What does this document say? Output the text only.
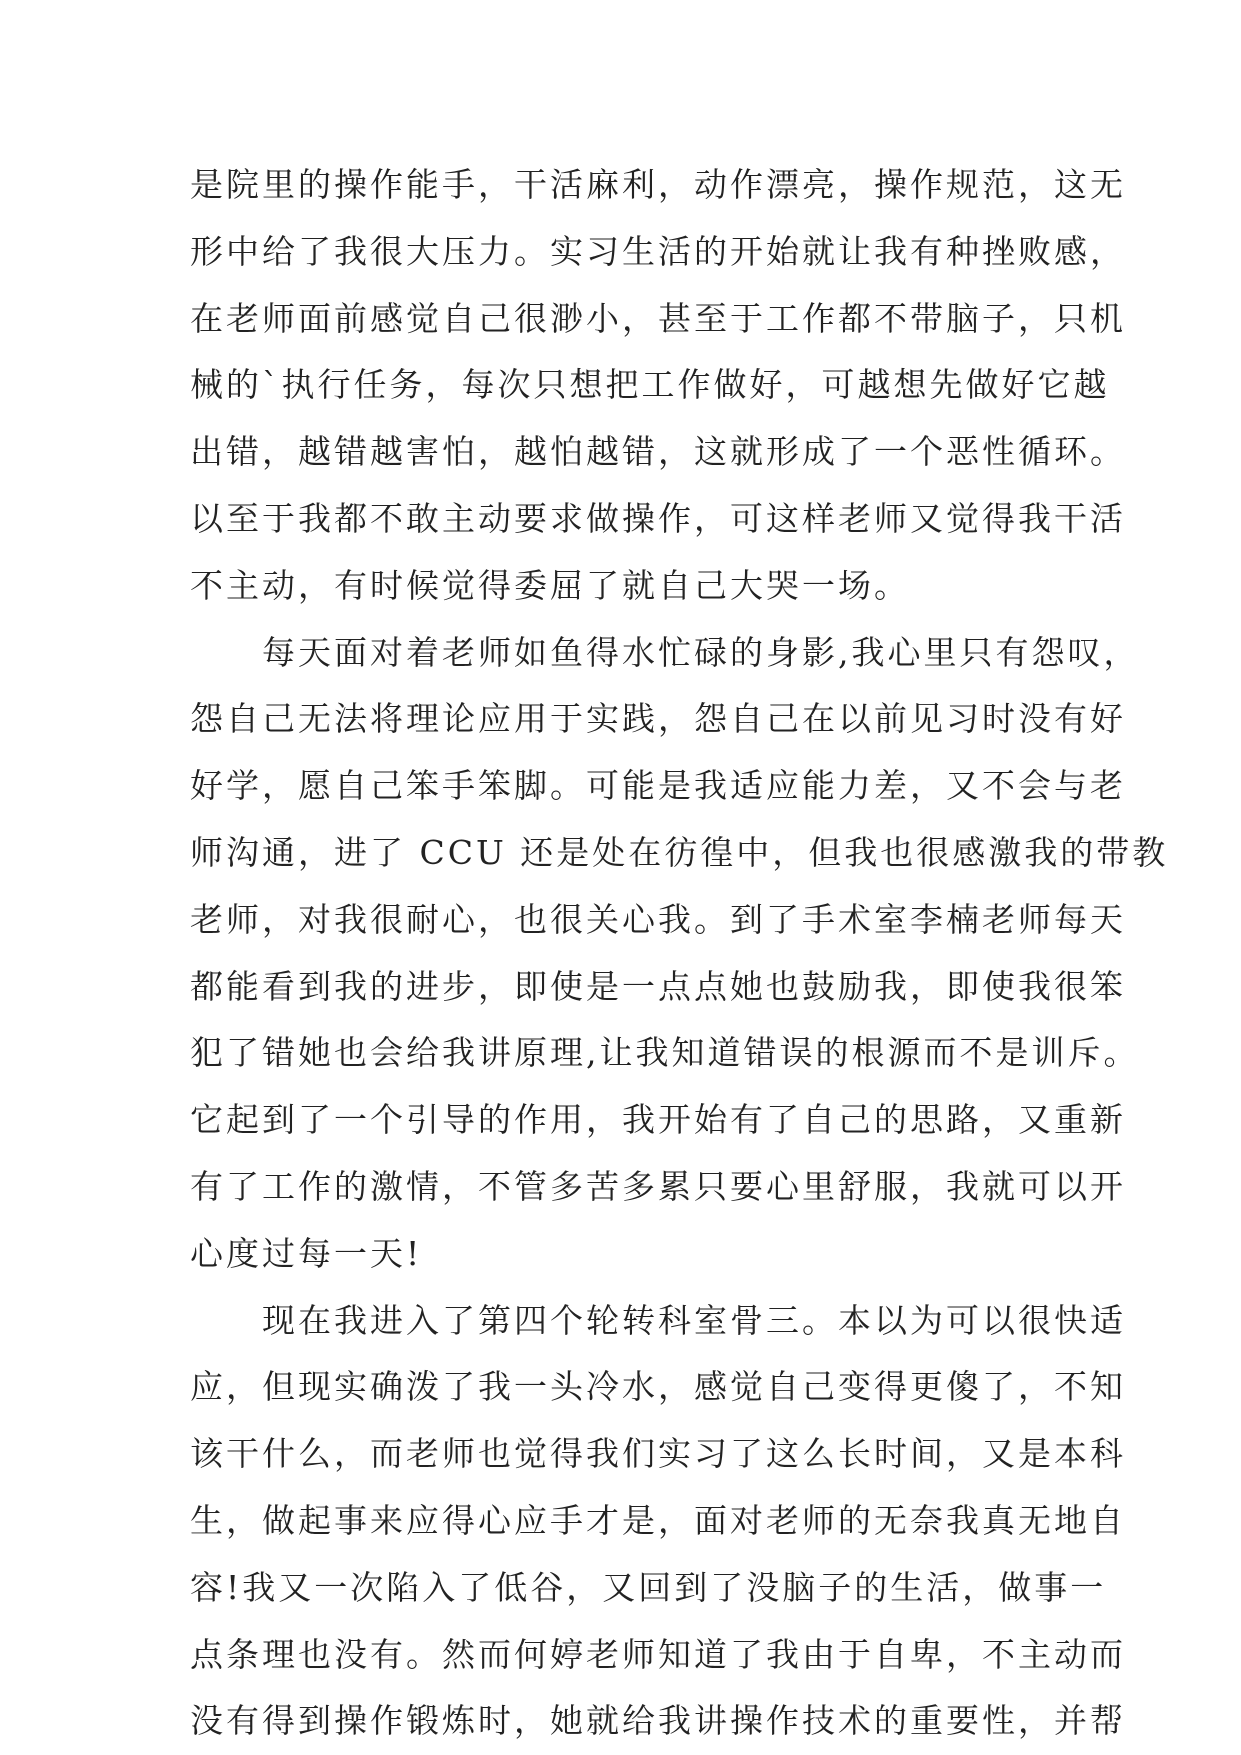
是院里的操作能手，干活麻利，动作漂亮，操作规范，这无
形中给了我很大压力。实习生活的开始就让我有种挫败感，
在老师面前感觉自己很渺小，甚至于工作都不带脑子，只机
械的`执行任务，每次只想把工作做好，可越想先做好它越
出错，越错越害怕，越怕越错，这就形成了一个恶性循环。
以至于我都不敢主动要求做操作，可这样老师又觉得我干活
不主动，有时候觉得委屈了就自己大哭一场。
　　每天面对着老师如鱼得水忙碌的身影,我心里只有怨叹，
怨自己无法将理论应用于实践，怨自己在以前见习时没有好
好学，愿自己笨手笨脚。可能是我适应能力差，又不会与老
师沟通，进了 CCU 还是处在彷徨中，但我也很感激我的带教
老师，对我很耐心，也很关心我。到了手术室李楠老师每天
都能看到我的进步，即使是一点点她也鼓励我，即使我很笨
犯了错她也会给我讲原理,让我知道错误的根源而不是训斥。
它起到了一个引导的作用，我开始有了自己的思路，又重新
有了工作的激情，不管多苦多累只要心里舒服，我就可以开
心度过每一天!
　　现在我进入了第四个轮转科室骨三。本以为可以很快适
应，但现实确泼了我一头冷水，感觉自己变得更傻了，不知
该干什么，而老师也觉得我们实习了这么长时间，又是本科
生，做起事来应得心应手才是，面对老师的无奈我真无地自
容!我又一次陷入了低谷，又回到了没脑子的生活，做事一
点条理也没有。然而何婷老师知道了我由于自卑，不主动而
没有得到操作锻炼时，她就给我讲操作技术的重要性，并帮
